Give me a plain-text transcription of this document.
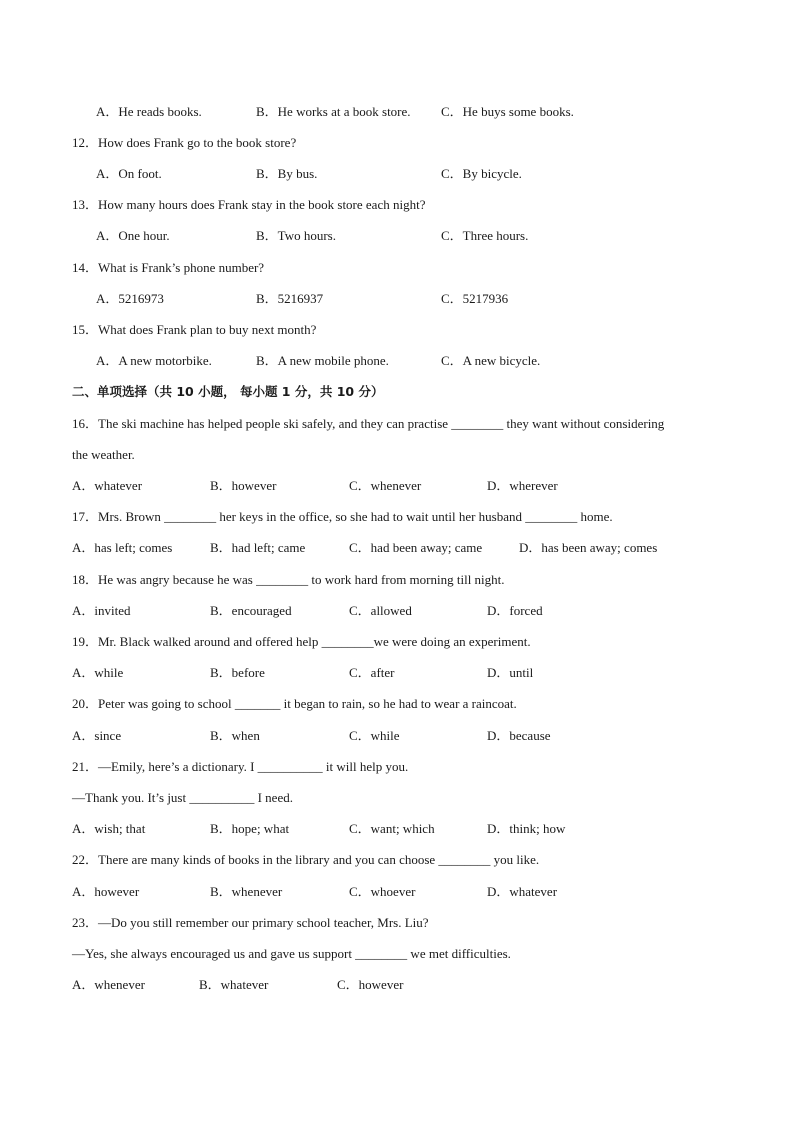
A．He reads books.	B．He works at a book store. C．He buys some books.
12．How does Frank go to the book store?
A．On foot.	B．By bus.	C．By bicycle.
13．How many hours does Frank stay in the book store each night?
A．One hour.	B．Two hours.	C．Three hours.
14．What is Frank’s phone number?
A．5216973	B．5216937	C．5217936
15．What does Frank plan to buy next month?
A．A new motorbike.	B．A new mobile phone.	C．A new bicycle.
二、单项选择（共 10 小题， 每小题 1 分，共 10 分）
16．The ski machine has helped people ski safely, and they can practise ________ they want without considering
the weather.
A．whatever	B．however	C．whenever	D．wherever
17．Mrs. Brown ________ her keys in the office, so she had to wait until her husband ________ home.
A．has left; comes	B．had left; came	C．had been away; came	D．has been away; comes
18．He was angry because he was ________ to work hard from morning till night.
A．invited	B．encouraged	C．allowed	D．forced
19．Mr. Black walked around and offered help ________we were doing an experiment.
A．while	B．before	C．after	D．until
20．Peter was going to school _______ it began to rain, so he had to wear a raincoat.
A．since	B．when	C．while	D．because
21．—Emily, here’s a dictionary. I __________ it will help you.
—Thank you. It’s just __________ I need.
A．wish; that	B．hope; what	C．want; which	D．think; how
22．There are many kinds of books in the library and you can choose ________ you like.
A．however	B．whenever	C．whoever	D．whatever
23．—Do you still remember our primary school teacher, Mrs. Liu?
—Yes, she always encouraged us and gave us support ________ we met difficulties.
A．whenever	B．whatever	C．however
